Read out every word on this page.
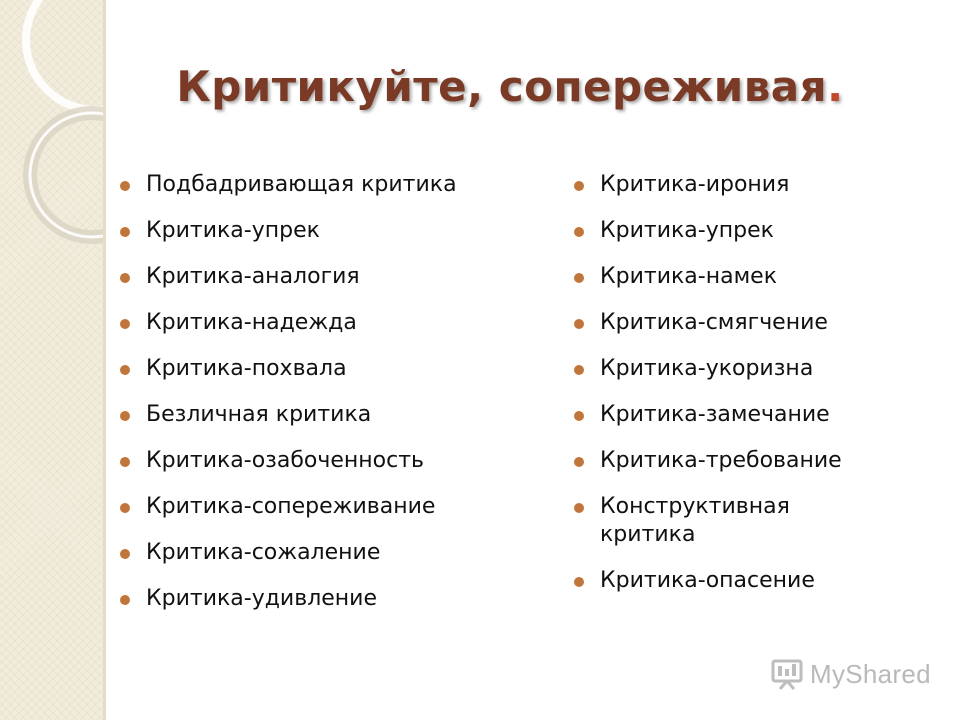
Критикуйте, сопереживая.
Подбадривающая критика
Критика-упрек
Критика-аналогия
Критика-надежда
Критика-похвала
Безличная критика
Критика-озабоченность
Критика-сопереживание
Критика-сожаление
Критика-удивление
Критика-ирония
Критика-упрек
Критика-намек
Критика-смягчение
Критика-укоризна
Критика-замечание
Критика-требование
Конструктивная критика
Критика-опасение
MyShared
